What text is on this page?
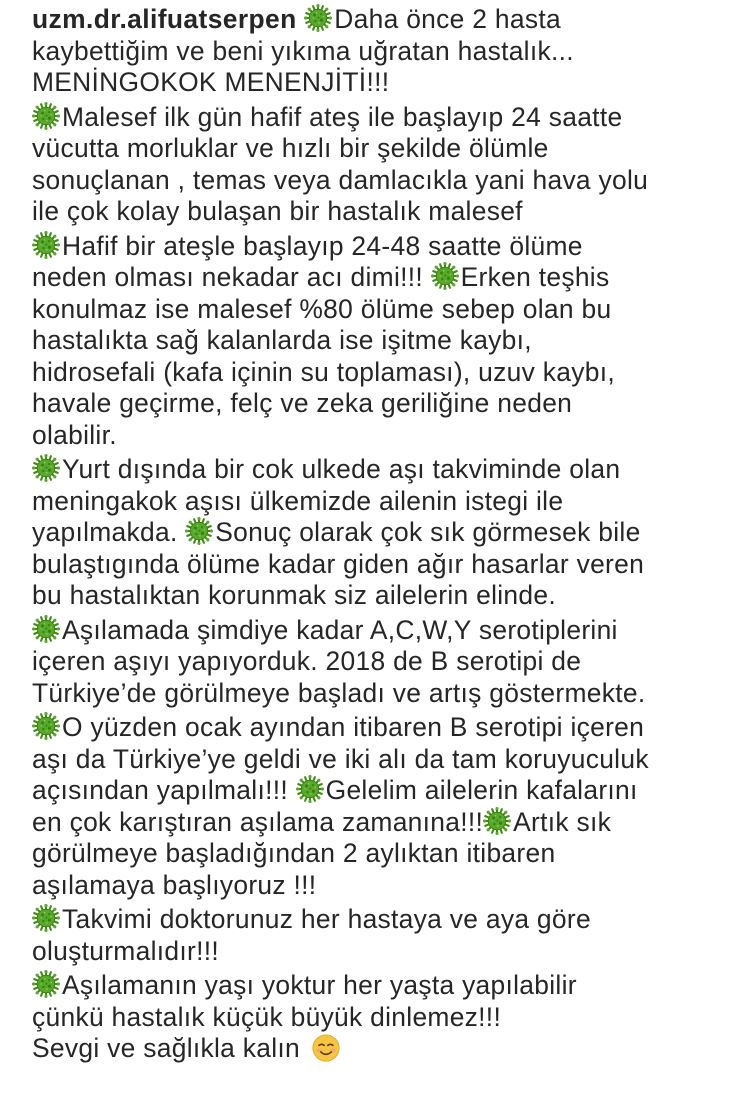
uzm.dr.alifuatserpen Daha önce 2 hasta
kaybettiğim ve beni yıkıma uğratan hastalık...
MENİNGOKOK MENENJİTİ!!!
Malesef ilk gün hafif ateş ile başlayıp 24 saatte
vücutta morluklar ve hızlı bir şekilde ölümle
sonuçlanan , temas veya damlacıkla yani hava yolu
ile çok kolay bulaşan bir hastalık malesef
Hafif bir ateşle başlayıp 24-48 saatte ölüme
neden olması nekadar acı dimi!!! Erken teşhis
konulmaz ise malesef %80 ölüme sebep olan bu
hastalıkta sağ kalanlarda ise işitme kaybı,
hidrosefali (kafa içinin su toplaması), uzuv kaybı,
havale geçirme, felç ve zeka geriliğine neden
olabilir.
Yurt dışında bir cok ulkede aşı takviminde olan
meningakok aşısı ülkemizde ailenin istegi ile
yapılmakda. Sonuç olarak çok sık görmesek bile
bulaştıgında ölüme kadar giden ağır hasarlar veren
bu hastalıktan korunmak siz ailelerin elinde.
Aşılamada şimdiye kadar A,C,W,Y serotiplerini
içeren aşıyı yapıyorduk. 2018 de B serotipi de
Türkiye’de görülmeye başladı ve artış göstermekte.
O yüzden ocak ayından itibaren B serotipi içeren
aşı da Türkiye’ye geldi ve iki alı da tam koruyuculuk
açısından yapılmalı!!! Gelelim ailelerin kafalarını
en çok karıştıran aşılama zamanına!!! Artık sık
görülmeye başladığından 2 aylıktan itibaren
aşılamaya başlıyoruz !!!
Takvimi doktorunuz her hastaya ve aya göre
oluşturmalıdır!!!
Aşılamanın yaşı yoktur her yaşta yapılabilir
çünkü hastalık küçük büyük dinlemez!!!
Sevgi ve sağlıkla kalın
